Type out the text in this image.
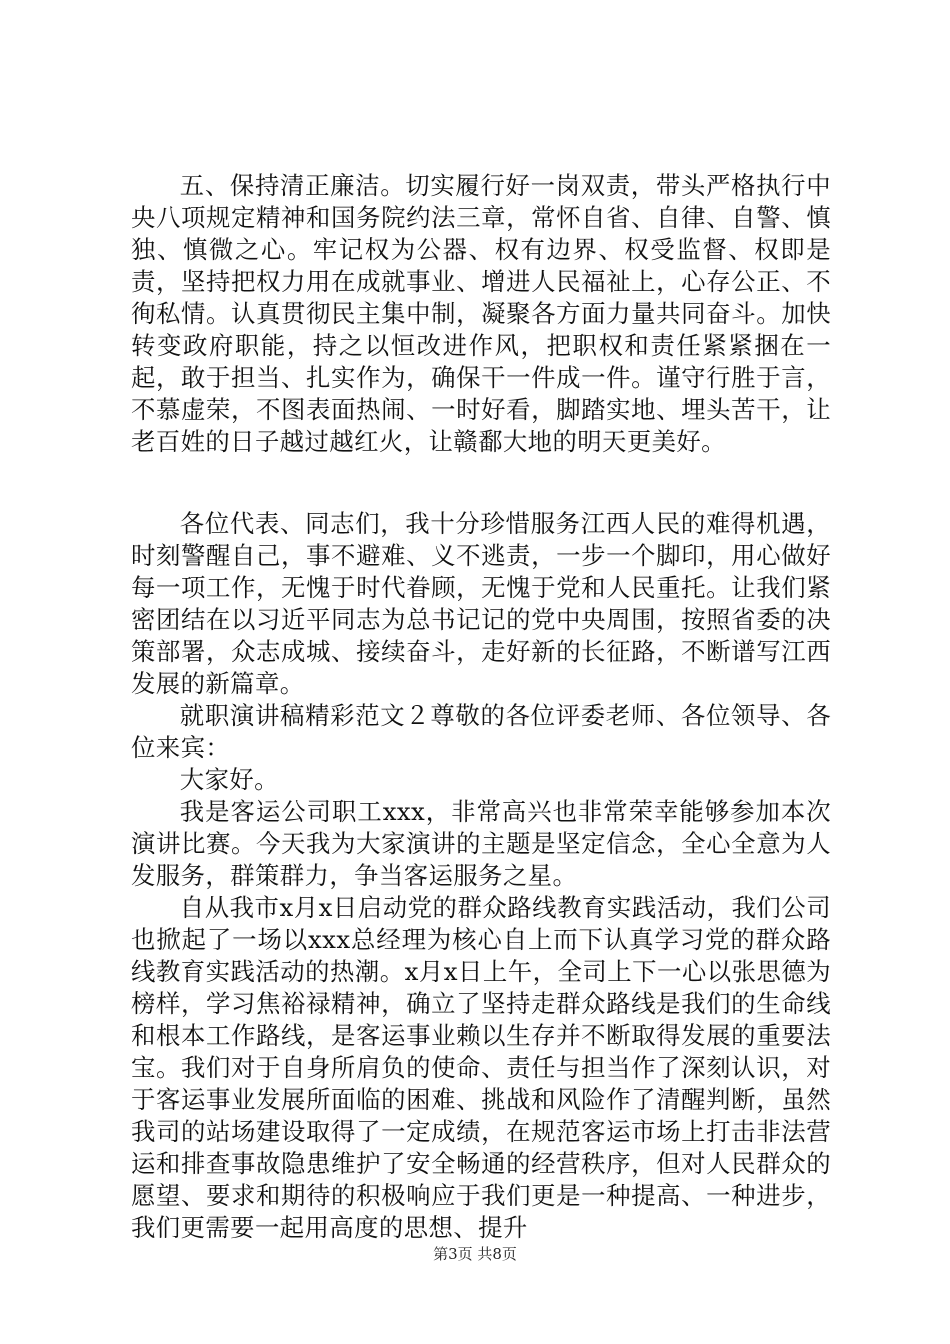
五、保持清正廉洁。切实履行好一岗双责，带头严格执行中央八项规定精神和国务院约法三章，常怀自省、自律、自警、慎独、慎微之心。牢记权为公器、权有边界、权受监督、权即是责，坚持把权力用在成就事业、增进人民福祉上，心存公正、不徇私情。认真贯彻民主集中制，凝聚各方面力量共同奋斗。加快转变政府职能，持之以恒改进作风，把职权和责任紧紧捆在一起，敢于担当、扎实作为，确保干一件成一件。谨守行胜于言，不慕虚荣，不图表面热闹、一时好看，脚踏实地、埋头苦干，让老百姓的日子越过越红火，让赣鄱大地的明天更美好。

各位代表、同志们，我十分珍惜服务江西人民的难得机遇，时刻警醒自己，事不避难、义不逃责，一步一个脚印，用心做好每一项工作，无愧于时代眷顾，无愧于党和人民重托。让我们紧密团结在以习近平同志为总书记记的党中央周围，按照省委的决策部署，众志成城、接续奋斗，走好新的长征路，不断谱写江西发展的新篇章。

就职演讲稿精彩范文２尊敬的各位评委老师、各位领导、各位来宾：

大家好。

我是客运公司职工xxx，非常高兴也非常荣幸能够参加本次演讲比赛。今天我为大家演讲的主题是坚定信念，全心全意为人发服务，群策群力，争当客运服务之星。

自从我市x月x日启动党的群众路线教育实践活动，我们公司也掀起了一场以xxx总经理为核心自上而下认真学习党的群众路线教育实践活动的热潮。x月x日上午，全司上下一心以张思德为榜样，学习焦裕禄精神，确立了坚持走群众路线是我们的生命线和根本工作路线，是客运事业赖以生存并不断取得发展的重要法宝。我们对于自身所肩负的使命、责任与担当作了深刻认识，对于客运事业发展所面临的困难、挑战和风险作了清醒判断，虽然我司的站场建设取得了一定成绩，在规范客运市场上打击非法营运和排查事故隐患维护了安全畅通的经营秩序，但对人民群众的愿望、要求和期待的积极响应于我们更是一种提高、一种进步，我们更需要一起用高度的思想、提升

第3页 共8页
